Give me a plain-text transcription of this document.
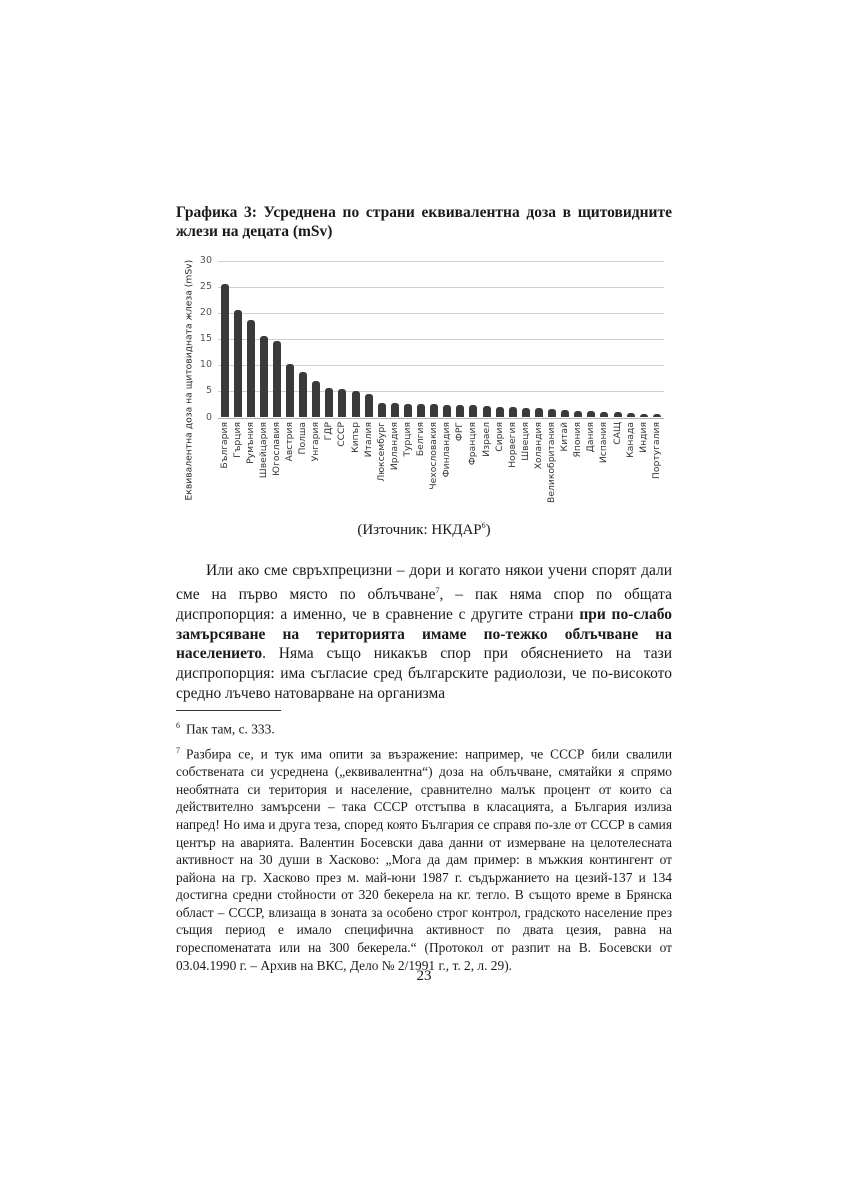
Графика 3: Усреднена по страни еквивалентна доза в щитовидните жлези на децата (mSv)
Еквивалентна доза на щитовидната жлеза (mSv)	0
5
10
15
20
25
30
България Гърция Румъния Швейцария Югославия Австрия Полша Унгария ГДР СССР Кипър Италия Люксембург Ирландия Турция Белгия Чехословакия Финландия ФРГ Франция Израел Сирия Норвегия Швеция Холандия Великобритания Китай Япония Дания Испания САЩ Канада Индия Португалия
(Източник: НКДАР$^6$)

Или ако сме свръхпрецизни – дори и когато някои учени спорят дали сме на първо място по облъчване$^7$, – пак няма спор по общата диспропорция: а именно, че в сравнение с другите страни при по-слабо замърсяване на територията имаме по-тежко облъчване на населението. Няма също никакъв спор при обяснението на тази диспропорция: има съгласие сред българските радиолози, че по-високото средно лъчево натоварване на организма

$^6$ Пак там, с. 333.

$^7$ Разбира се, и тук има опити за възражение: например, че СССР били свалили собствената си усреднена („еквивалентна“) доза на облъчване, смятайки я спрямо необятната си територия и население, сравнително малък процент от които са действително замърсени – така СССР отстъпва в класацията, а България излиза напред! Но има и друга теза, според която България се справя по-зле от СССР в самия център на аварията. Валентин Босевски дава данни от измерване на целотелесната активност на 30 души в Хасково: „Мога да дам пример: в мъжкия контингент от района на гр. Хасково през м. май-юни 1987 г. съдържанието на цезий-137 и 134 достигна средни стойности от 320 бекерела на кг. тегло. В същото време в Брянска област – СССР, влизаща в зоната за особено строг контрол, градското население през същия период е имало специфична активност по двата цезия, равна на гореспоменатата или на 300 бекерела.“ (Протокол от разпит на В. Босевски от 03.04.1990 г. – Архив на ВКС, Дело № 2/1991 г., т. 2, л. 29).

23
